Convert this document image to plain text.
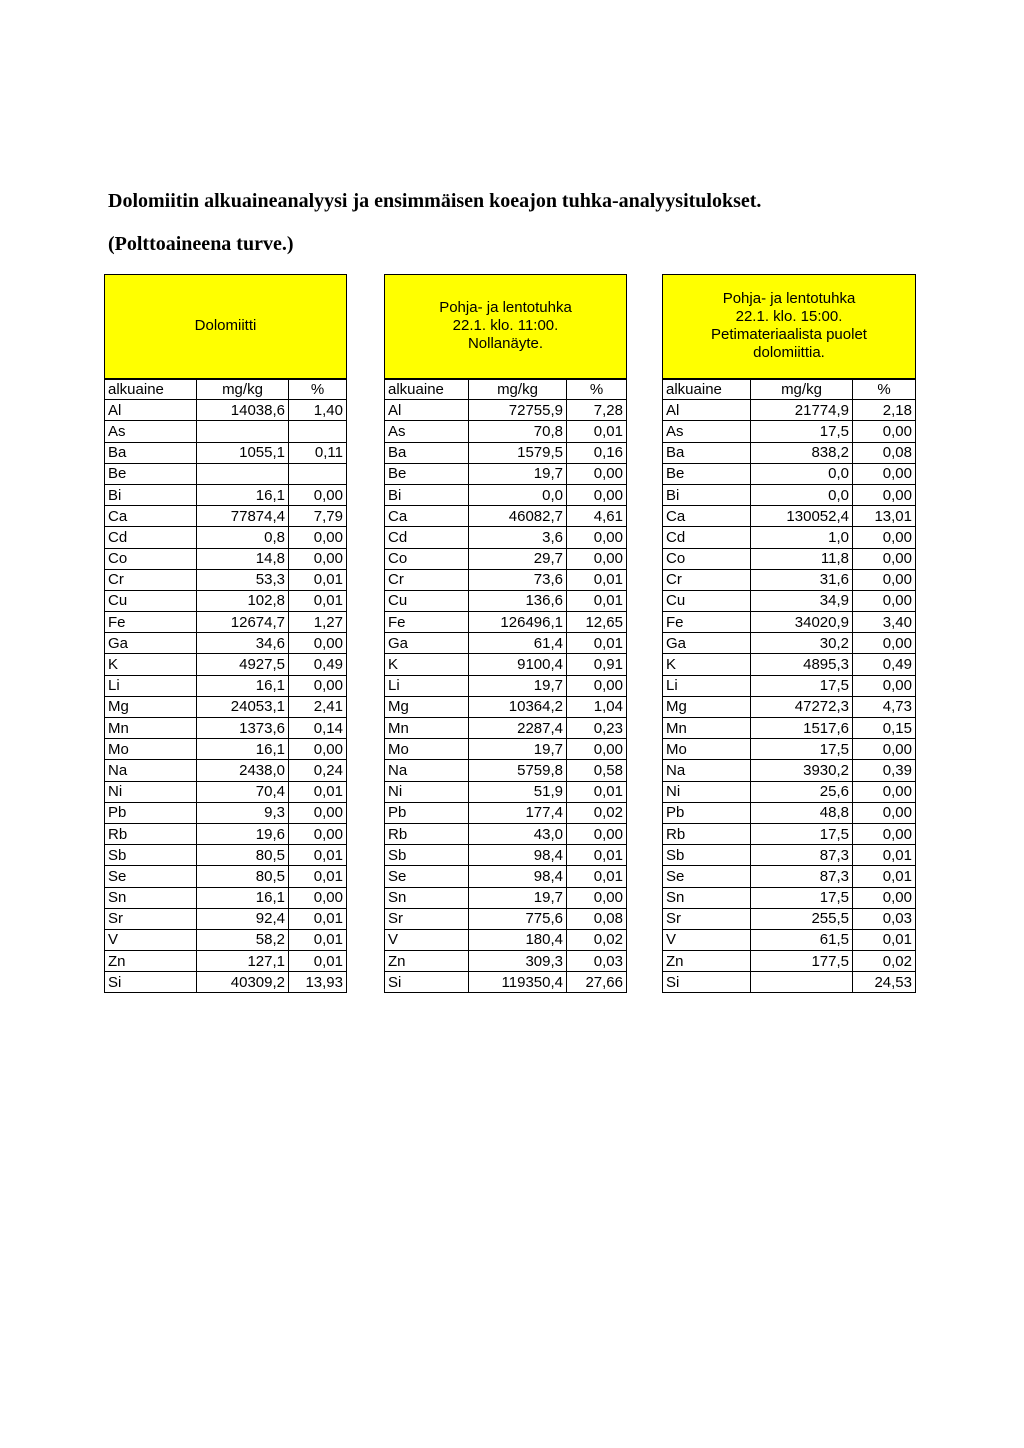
Dolomiitin alkuaineanalyysi ja ensimmäisen koeajon tuhka-analyysitulokset.
(Polttoaineena turve.)
Dolomiitti		

alkuaine	mg/kg	%
Al	14038,6	1,40
As		
Ba	1055,1	0,11
Be		
Bi	16,1	0,00
Ca	77874,4	7,79
Cd	0,8	0,00
Co	14,8	0,00
Cr	53,3	0,01
Cu	102,8	0,01
Fe	12674,7	1,27
Ga	34,6	0,00
K	4927,5	0,49
Li	16,1	0,00
Mg	24053,1	2,41
Mn	1373,6	0,14
Mo	16,1	0,00
Na	2438,0	0,24
Ni	70,4	0,01
Pb	9,3	0,00
Rb	19,6	0,00
Sb	80,5	0,01
Se	80,5	0,01
Sn	16,1	0,00
Sr	92,4	0,01
V	58,2	0,01
Zn	127,1	0,01
Si	40309,2	13,93
Pohja- ja lentotuhka
22.1. klo. 11:00.
Nollanäyte.		

alkuaine	mg/kg	%
Al	72755,9	7,28
As	70,8	0,01
Ba	1579,5	0,16
Be	19,7	0,00
Bi	0,0	0,00
Ca	46082,7	4,61
Cd	3,6	0,00
Co	29,7	0,00
Cr	73,6	0,01
Cu	136,6	0,01
Fe	126496,1	12,65
Ga	61,4	0,01
K	9100,4	0,91
Li	19,7	0,00
Mg	10364,2	1,04
Mn	2287,4	0,23
Mo	19,7	0,00
Na	5759,8	0,58
Ni	51,9	0,01
Pb	177,4	0,02
Rb	43,0	0,00
Sb	98,4	0,01
Se	98,4	0,01
Sn	19,7	0,00
Sr	775,6	0,08
V	180,4	0,02
Zn	309,3	0,03
Si	119350,4	27,66
Pohja- ja lentotuhka
22.1. klo. 15:00.
Petimateriaalista puolet
dolomiittia.		

alkuaine	mg/kg	%
Al	21774,9	2,18
As	17,5	0,00
Ba	838,2	0,08
Be	0,0	0,00
Bi	0,0	0,00
Ca	130052,4	13,01
Cd	1,0	0,00
Co	11,8	0,00
Cr	31,6	0,00
Cu	34,9	0,00
Fe	34020,9	3,40
Ga	30,2	0,00
K	4895,3	0,49
Li	17,5	0,00
Mg	47272,3	4,73
Mn	1517,6	0,15
Mo	17,5	0,00
Na	3930,2	0,39
Ni	25,6	0,00
Pb	48,8	0,00
Rb	17,5	0,00
Sb	87,3	0,01
Se	87,3	0,01
Sn	17,5	0,00
Sr	255,5	0,03
V	61,5	0,01
Zn	177,5	0,02
Si		24,53
